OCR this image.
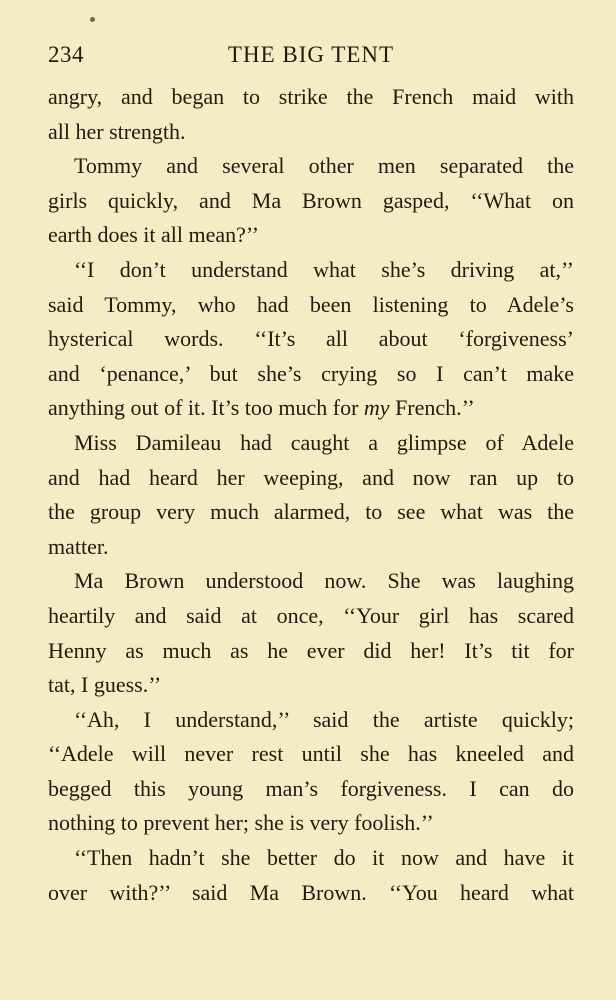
234	THE BIG TENT
angry, and began to strike the French maid with
all her strength.
Tommy and several other men separated the
girls quickly, and Ma Brown gasped, ‘‘What on
earth does it all mean?’’
‘‘I don’t understand what she’s driving at,’’
said Tommy, who had been listening to Adele’s
hysterical words. ‘‘It’s all about ‘forgiveness’
and ‘penance,’ but she’s crying so I can’t make
anything out of it. It’s too much for my French.’’
Miss Damileau had caught a glimpse of Adele
and had heard her weeping, and now ran up to
the group very much alarmed, to see what was the
matter.
Ma Brown understood now. She was laughing
heartily and said at once, ‘‘Your girl has scared
Henny as much as he ever did her! It’s tit for
tat, I guess.’’
‘‘Ah, I understand,’’ said the artiste quickly;
‘‘Adele will never rest until she has kneeled and
begged this young man’s forgiveness. I can do
nothing to prevent her; she is very foolish.’’
‘‘Then hadn’t she better do it now and have it
over with?’’ said Ma Brown. ‘‘You heard what
